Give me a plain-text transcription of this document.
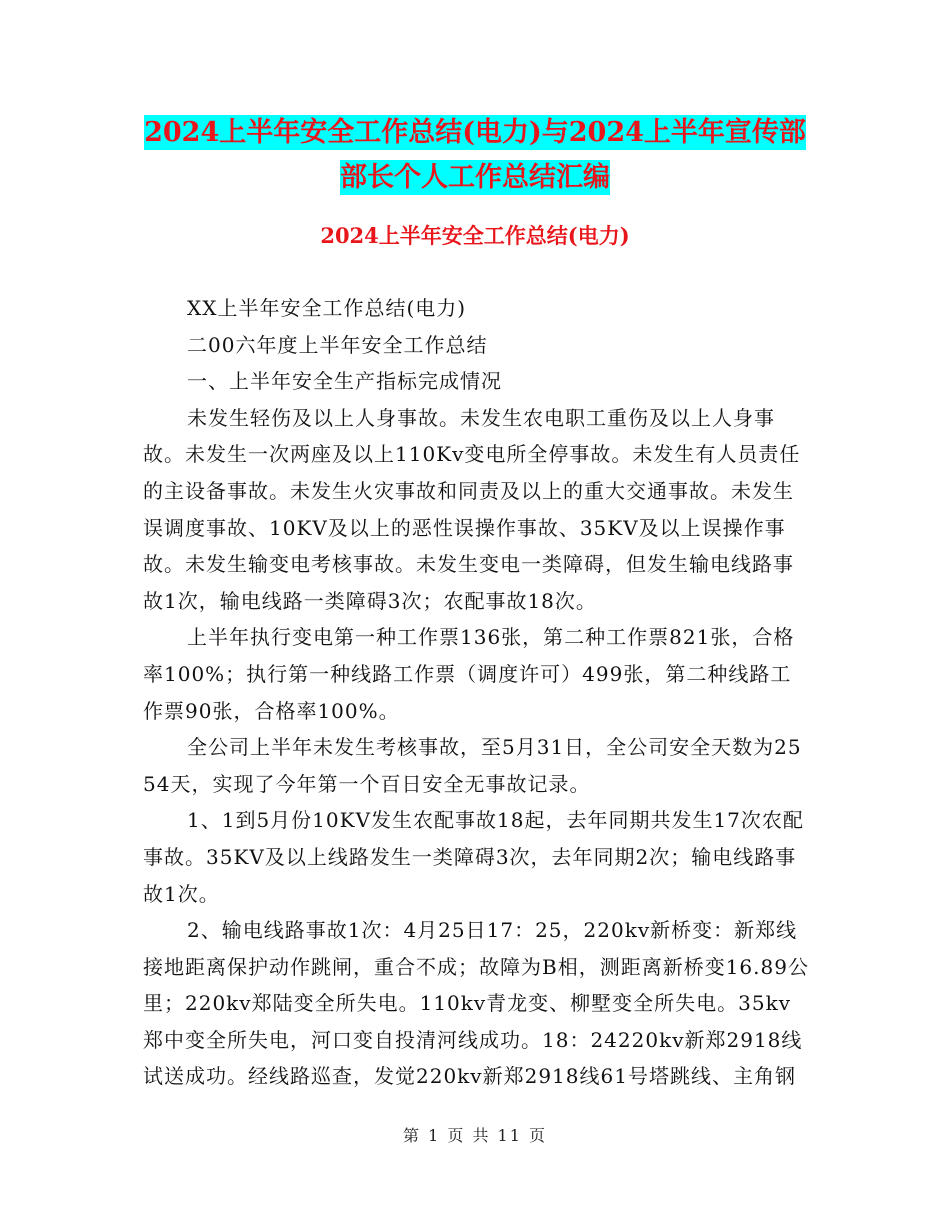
2024上半年安全工作总结(电力)与2024上半年宣传部
部长个人工作总结汇编
2024上半年安全工作总结(电力)

XX上半年安全工作总结(电力)

二00六年度上半年安全工作总结

一、上半年安全生产指标完成情况

未发生轻伤及以上人身事故。未发生农电职工重伤及以上人身事故。未发生一次两座及以上110Kv变电所全停事故。未发生有人员责任的主设备事故。未发生火灾事故和同责及以上的重大交通事故。未发生误调度事故、10KV及以上的恶性误操作事故、35KV及以上误操作事故。未发生输变电考核事故。未发生变电一类障碍，但发生输电线路事故1次，输电线路一类障碍3次；农配事故18次。

上半年执行变电第一种工作票136张，第二种工作票821张，合格率100%；执行第一种线路工作票（调度许可）499张，第二种线路工作票90张，合格率100%。

全公司上半年未发生考核事故，至5月31日，全公司安全天数为2554天，实现了今年第一个百日安全无事故记录。

1、1到5月份10KV发生农配事故18起，去年同期共发生17次农配事故。35KV及以上线路发生一类障碍3次，去年同期2次；输电线路事故1次。

2、输电线路事故1次：4月25日17：25，220kv新桥变：新郑线接地距离保护动作跳闸，重合不成；故障为B相，测距离新桥变16.89公里；220kv郑陆变全所失电。110kv青龙变、柳墅变全所失电。35kv郑中变全所失电，河口变自投清河线成功。18：24220kv新郑2918线试送成功。经线路巡查，发觉220kv新郑2918线61号塔跳线、主角钢

第 1 页 共 11 页
